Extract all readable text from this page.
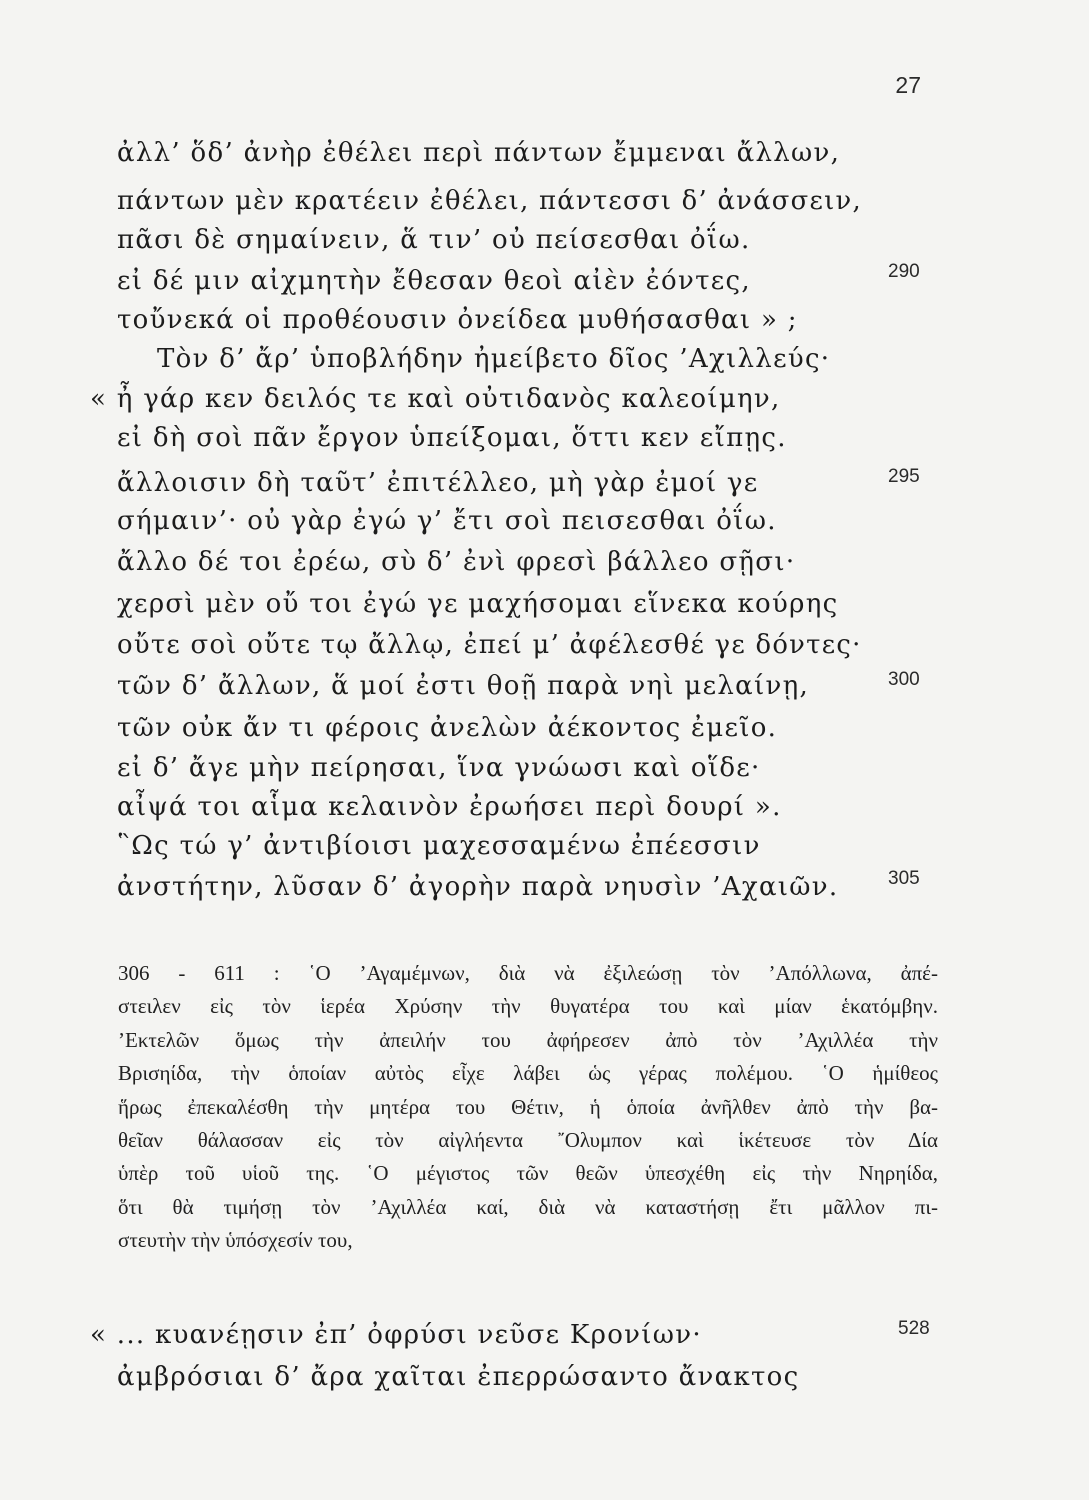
27
ἀλλ’ ὅδ’ ἀνὴρ ἐθέλει περὶ πάντων ἔμμεναι ἄλλων,
πάντων μὲν κρατέειν ἐθέλει, πάντεσσι δ’ ἀνάσσειν,
πᾶσι δὲ σημαίνειν, ἅ τιν’ οὐ πείσεσθαι ὀΐω.
εἰ δέ μιν αἰχμητὴν ἔθεσαν θεοὶ αἰὲν ἐόντες,	290
τοὔνεκά οἱ προθέουσιν ὀνείδεα μυθήσασθαι » ;
Τὸν δ’ ἄρ’ ὑποβλήδην ἠμείβετο δῖος ’Αχιλλεύς·
« ἦ γάρ κεν δειλός τε καὶ οὐτιδανὸς καλεοίμην,
εἰ δὴ σοὶ πᾶν ἔργον ὑπείξομαι, ὅττι κεν εἴπῃς.
ἄλλοισιν δὴ ταῦτ’ ἐπιτέλλεο, μὴ γὰρ ἐμοί γε	295
σήμαιν’· οὐ γὰρ ἐγώ γ’ ἔτι σοὶ πεισεσθαι ὀΐω.
ἄλλο δέ τοι ἐρέω, σὺ δ’ ἐνὶ φρεσὶ βάλλεο σῇσι·
χερσὶ μὲν οὔ τοι ἐγώ γε μαχήσομαι εἵνεκα κούρης
οὔτε σοὶ οὔτε τῳ ἄλλῳ, ἐπεί μ’ ἀφέλεσθέ γε δόντες·
τῶν δ’ ἄλλων, ἅ μοί ἐστι θοῇ παρὰ νηὶ μελαίνῃ,	300
τῶν οὐκ ἄν τι φέροις ἀνελὼν ἀέκοντος ἐμεῖο.
εἰ δ’ ἄγε μὴν πείρησαι, ἵνα γνώωσι καὶ οἵδε·
αἶψά τοι αἷμα κελαινὸν ἐρωήσει περὶ δουρί ».
῝Ως τώ γ’ ἀντιβίοισι μαχεσσαμένω ἐπέεσσιν
ἀνστήτην, λῦσαν δ’ ἀγορὴν παρὰ νηυσὶν ’Αχαιῶν.	305
306 - 611 : ῾Ο ’Αγαμέμνων, διὰ νὰ ἐξιλεώσῃ τὸν ’Απόλλωνα, ἀπέ-
στειλεν εἰς τὸν ἱερέα Χρύσην τὴν θυγατέρα του καὶ μίαν ἑκατόμβην.
’Εκτελῶν ὅμως τὴν ἀπειλήν του ἀφήρεσεν ἀπὸ τὸν ’Αχιλλέα τὴν
Βρισηίδα, τὴν ὁποίαν αὐτὸς εἶχε λάβει ὡς γέρας πολέμου. ῾Ο ἡμίθεος
ἥρως ἐπεκαλέσθη τὴν μητέρα του Θέτιν, ἡ ὁποία ἀνῆλθεν ἀπὸ τὴν βα-
θεῖαν θάλασσαν εἰς τὸν αἰγλήεντα ῎Ολυμπον καὶ ἱκέτευσε τὸν Δία
ὑπὲρ τοῦ υἱοῦ της. ῾Ο μέγιστος τῶν θεῶν ὑπεσχέθη εἰς τὴν Νηρηίδα,
ὅτι θὰ τιμήσῃ τὸν ’Αχιλλέα καί, διὰ νὰ καταστήσῃ ἔτι μᾶλλον πι-
στευτὴν τὴν ὑπόσχεσίν του,
« ... κυανέῃσιν ἐπ’ ὀφρύσι νεῦσε Κρονίων·	528
ἀμβρόσιαι δ’ ἄρα χαῖται ἐπερρώσαντο ἄνακτος
